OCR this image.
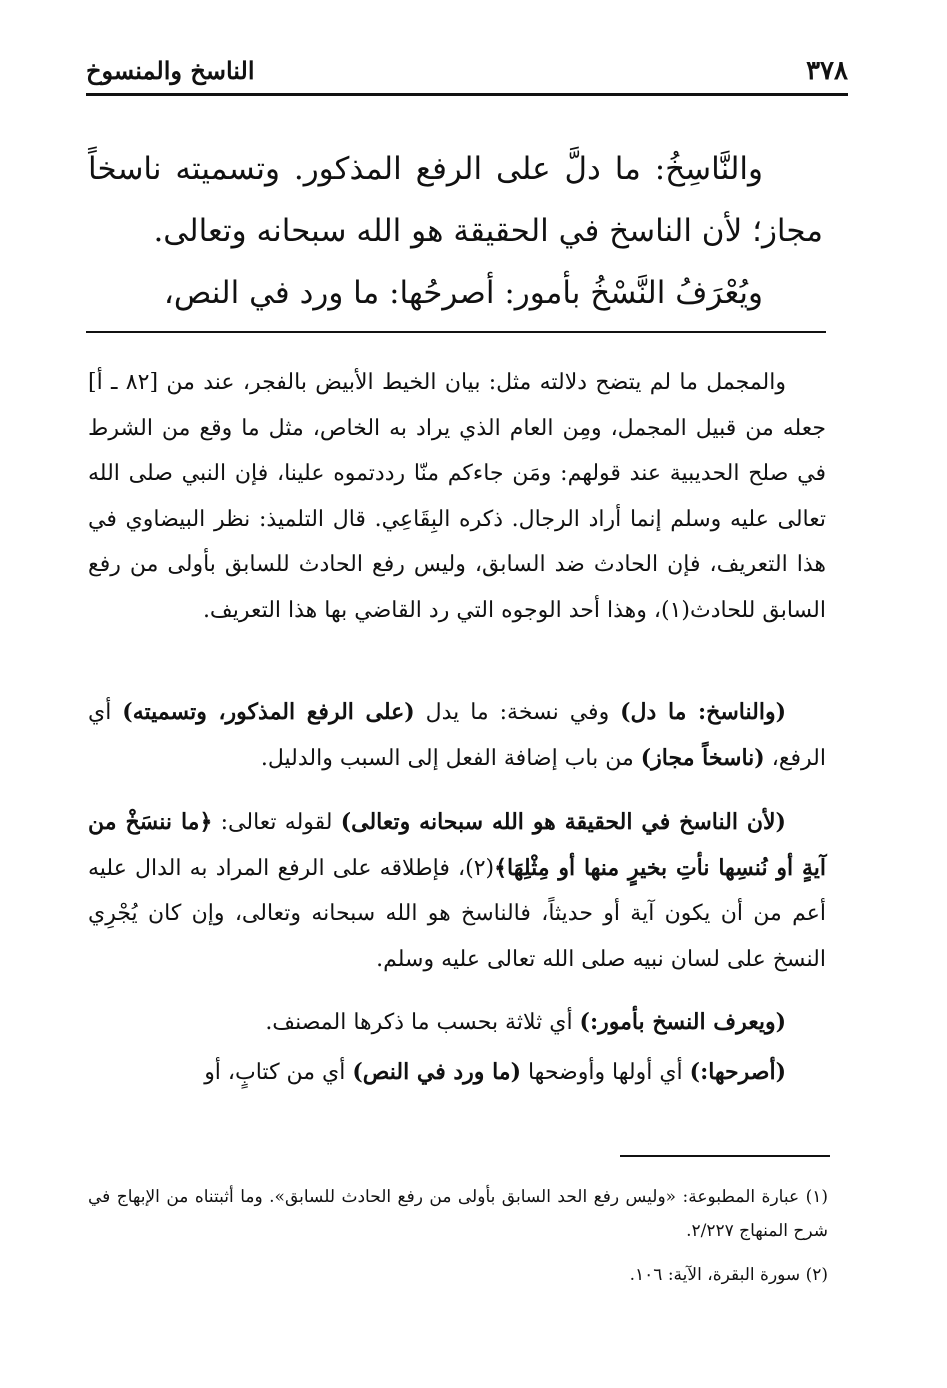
٣٧٨
الناسخ والمنسوخ

والنَّاسِخُ: ما دلَّ على الرفع المذكور. وتسميته ناسخاً مجاز؛ لأن الناسخ في الحقيقة هو الله سبحانه وتعالى.

ويُعْرَفُ النَّسْخُ بأمور: أصرحُها: ما ورد في النص،

والمجمل ما لم يتضح دلالته مثل: بيان الخيط الأبيض بالفجر، عند من [٨٢ ـ أ] جعله من قبيل المجمل، ومِن العام الذي يراد به الخاص، مثل ما وقع من الشرط في صلح الحديبية عند قولهم: ومَن جاءكم منّا رددتموه علينا، فإن النبي صلى الله تعالى عليه وسلم إنما أراد الرجال. ذكره البِقَاعِي. قال التلميذ: نظر البيضاوي في هذا التعريف، فإن الحادث ضد السابق، وليس رفع الحادث للسابق بأولى من رفع السابق للحادث(١)، وهذا أحد الوجوه التي رد القاضي بها هذا التعريف.

(والناسخ: ما دل) وفي نسخة: ما يدل (على الرفع المذكور، وتسميته) أي الرفع، (ناسخاً مجاز) من باب إضافة الفعل إلى السبب والدليل.

(لأن الناسخ في الحقيقة هو الله سبحانه وتعالى) لقوله تعالى: ﴿ما ننسَخْ من آيةٍ أو نُنسِها نأتِ بخيرٍ منها أو مِثْلِهَا﴾(٢)، فإطلاقه على الرفع المراد به الدال عليه أعم من أن يكون آية أو حديثاً، فالناسخ هو الله سبحانه وتعالى، وإن كان يُجْرِي النسخ على لسان نبيه صلى الله تعالى عليه وسلم.

(ويعرف النسخ بأمور:) أي ثلاثة بحسب ما ذكرها المصنف.

(أصرحها:) أي أولها وأوضحها (ما ورد في النص) أي من كتابٍ، أو

(١) عبارة المطبوعة: «وليس رفع الحد السابق بأولى من رفع الحادث للسابق». وما أثبتناه من الإبهاج في شرح المنهاج ٢/٢٢٧.

(٢) سورة البقرة، الآية: ١٠٦.
